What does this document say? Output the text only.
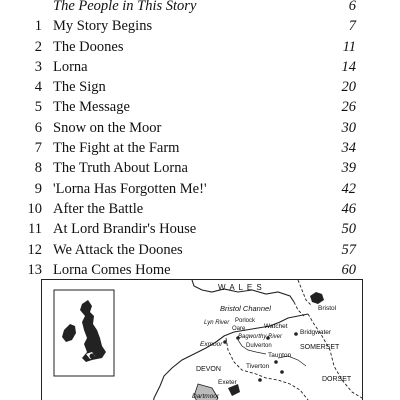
The People in This Story	6
1 My Story Begins	7
2 The Doones	11
3 Lorna	14
4 The Sign	20
5 The Message	26
6 Snow on the Moor	30
7 The Fight at the Farm	34
8 The Truth About Lorna	39
9 'Lorna Has Forgotten Me!'	42
10 After the Battle	46
11 At Lord Brandir's House	50
12 We Attack the Doones	57
13 Lorna Comes Home	60
W A L E S
Bristol Channel	Bristol
Lyn River Porlock
Oare	Watchet
Bridgwater
Exmoor
Bagworthy River
Dulverton	SOMERSET
Taunton
DEVON	Tiverton
DORSET
Exeter
Dartmoor
